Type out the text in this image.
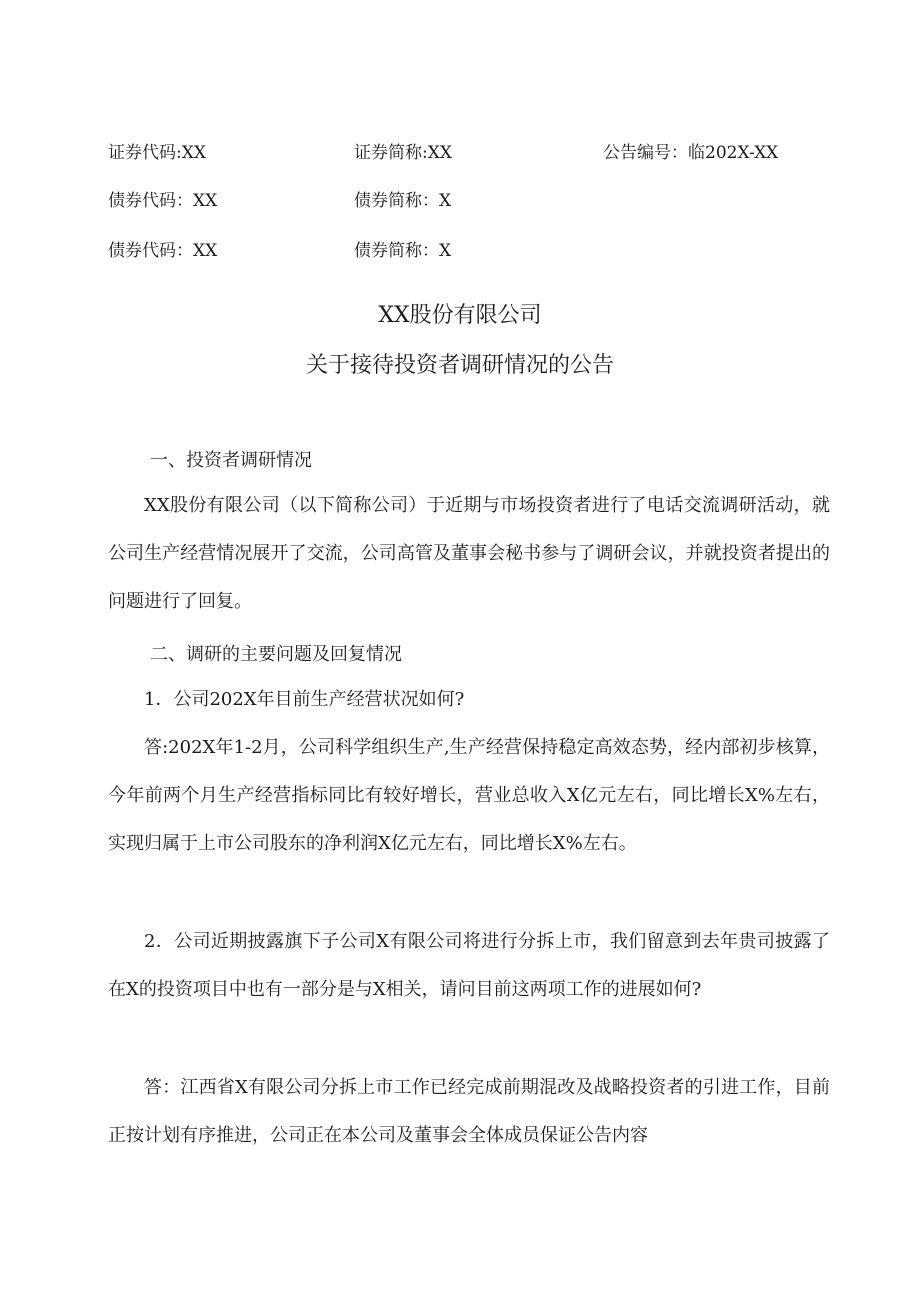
证券代码:XX	证券简称:XX	公告编号：临202X-XX
债券代码：XX	债券简称：X
债券代码：XX	债券简称：X
XX股份有限公司
关于接待投资者调研情况的公告
一、投资者调研情况

XX股份有限公司（以下简称公司）于近期与市场投资者进行了电话交流调研活动，就公司生产经营情况展开了交流，公司高管及董事会秘书参与了调研会议，并就投资者提出的问题进行了回复。

二、调研的主要问题及回复情况

1．公司202X年目前生产经营状况如何?

答:202X年1-2月，公司科学组织生产,生产经营保持稳定高效态势，经内部初步核算，今年前两个月生产经营指标同比有较好增长，营业总收入X亿元左右，同比增长X%左右，实现归属于上市公司股东的净利润X亿元左右，同比增长X%左右。

2．公司近期披露旗下子公司X有限公司将进行分拆上市，我们留意到去年贵司披露了在X的投资项目中也有一部分是与X相关，请问目前这两项工作的进展如何?

答：江西省X有限公司分拆上市工作已经完成前期混改及战略投资者的引进工作，目前正按计划有序推进，公司正在本公司及董事会全体成员保证公告内容
